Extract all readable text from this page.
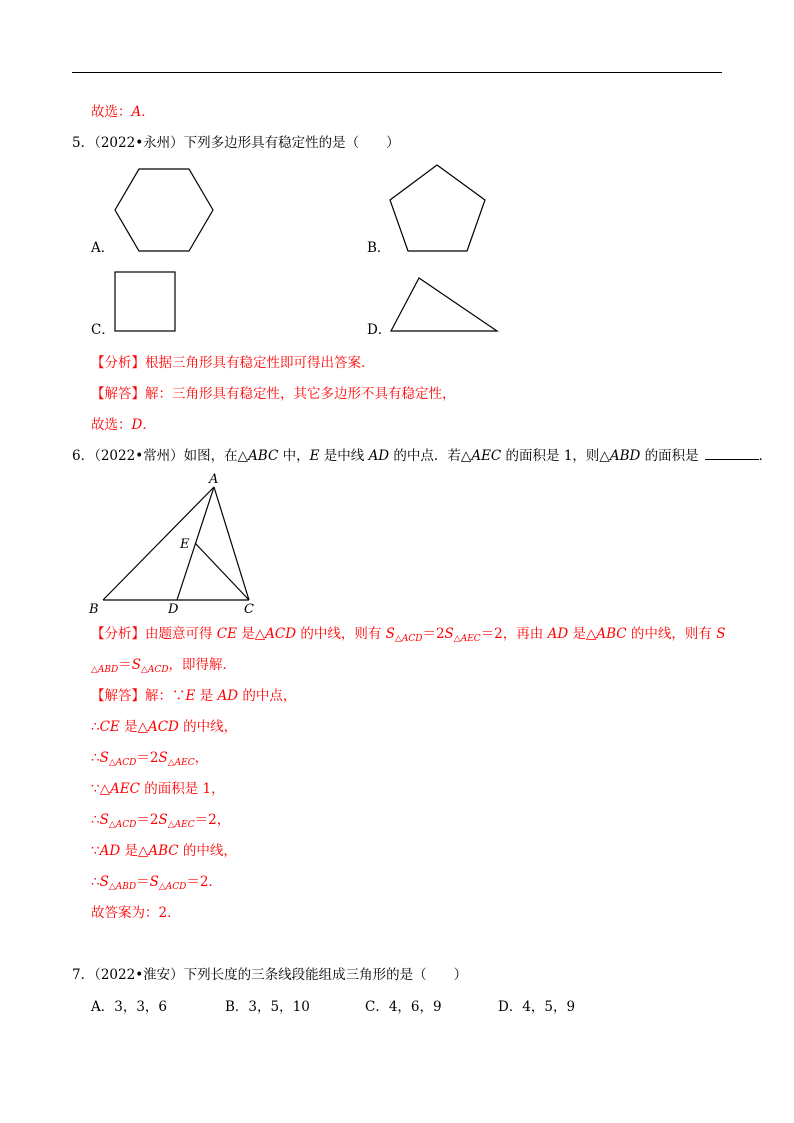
故选：A．
5．（2022•永州）下列多边形具有稳定性的是（　　）
A．	B．
C．	D．
【分析】根据三角形具有稳定性即可得出答案.
【解答】解：三角形具有稳定性，其它多边形不具有稳定性，
故选：D．
6．（2022•常州）如图，在△ABC 中，E 是中线 AD 的中点．若△AEC 的面积是 1，则△ABD 的面积是	．
A
B	C
D
E
【分析】由题意可得 CE 是△ACD 的中线，则有 $S_{\triangle ACD}=2S_{\triangle AEC}=2$，再由 AD 是△ABC 的中线，则有 S
$_{\triangle ABD}=S_{\triangle ACD}$，即得解．
【解答】解：∵E 是 AD 的中点，
∴CE 是△ACD 的中线，
$\therefore S_{\triangle ACD}=2S_{\triangle AEC}$，
∵△AEC 的面积是 1，
$\therefore S_{\triangle ACD}=2S_{\triangle AEC}=2$，
∵AD 是△ABC 的中线，
$\therefore S_{\triangle ABD}=S_{\triangle ACD}=2$．
故答案为：2．
7．（2022•淮安）下列长度的三条线段能组成三角形的是（　　）
A．3，3，6	B．3，5，10	C．4，6，9	D．4，5，9
